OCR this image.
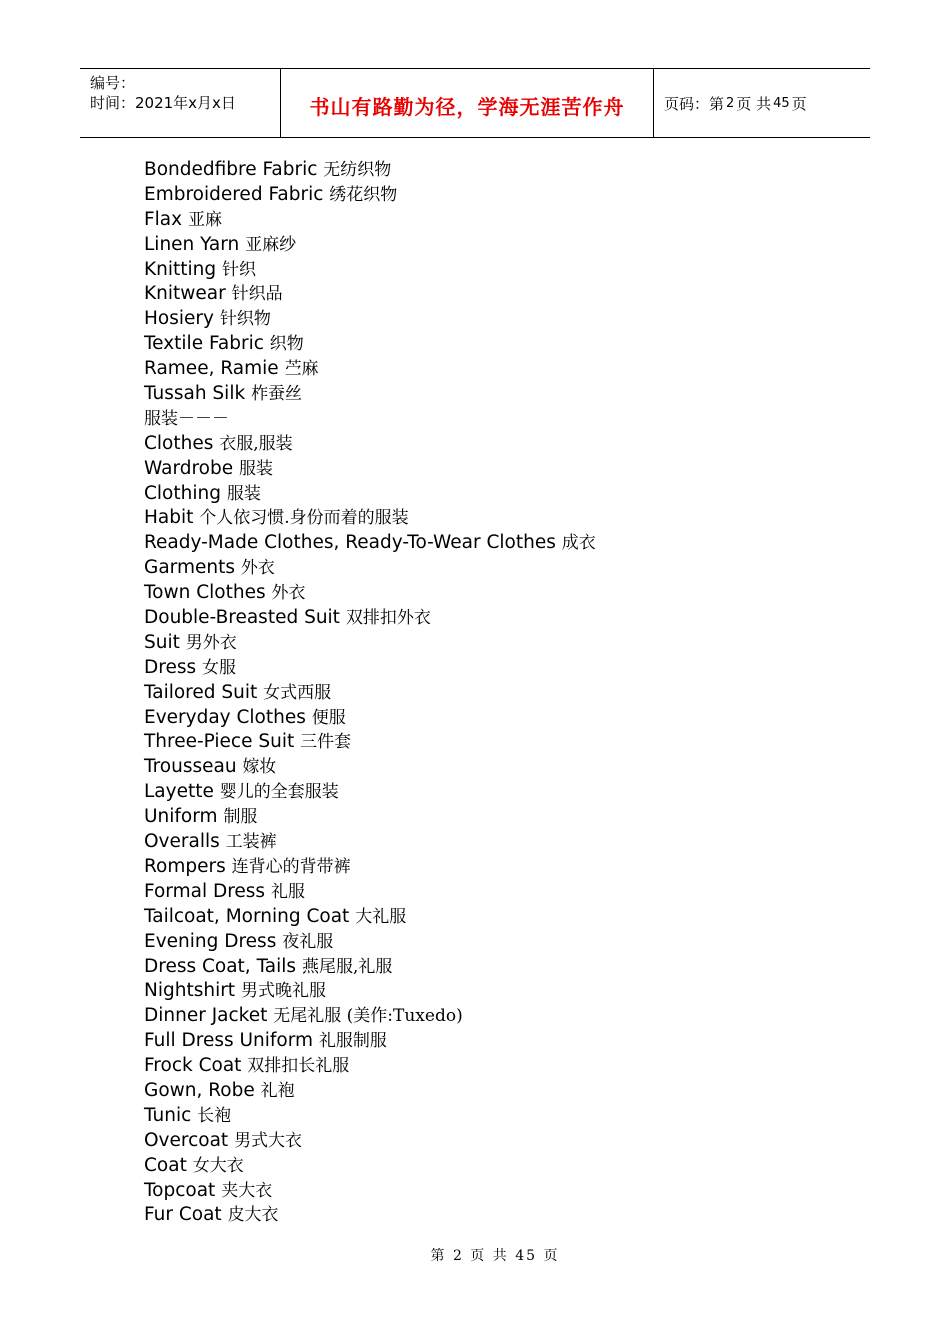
编号：
时间：2021年x月x日	书山有路勤为径，学海无涯苦作舟	页码：第 2 页 共 45 页
Bondedfibre Fabric 无纺织物
Embroidered Fabric 绣花织物
Flax 亚麻
Linen Yarn 亚麻纱
Knitting 针织
Knitwear 针织品
Hosiery 针织物
Textile Fabric 织物
Ramee, Ramie 苎麻
Tussah Silk 柞蚕丝
服装－－－
Clothes 衣服,服装
Wardrobe 服装
Clothing 服装
Habit 个人依习惯.身份而着的服装
Ready-Made Clothes, Ready-To-Wear Clothes 成衣
Garments 外衣
Town Clothes 外衣
Double-Breasted Suit 双排扣外衣
Suit 男外衣
Dress 女服
Tailored Suit 女式西服
Everyday Clothes 便服
Three-Piece Suit 三件套
Trousseau 嫁妆
Layette 婴儿的全套服装
Uniform 制服
Overalls 工装裤
Rompers 连背心的背带裤
Formal Dress 礼服
Tailcoat, Morning Coat 大礼服
Evening Dress 夜礼服
Dress Coat, Tails 燕尾服,礼服
Nightshirt 男式晚礼服
Dinner Jacket 无尾礼服 (美作:Tuxedo)
Full Dress Uniform 礼服制服
Frock Coat 双排扣长礼服
Gown, Robe 礼袍
Tunic 长袍
Overcoat 男式大衣
Coat 女大衣
Topcoat 夹大衣
Fur Coat 皮大衣
第 2 页 共 45 页
